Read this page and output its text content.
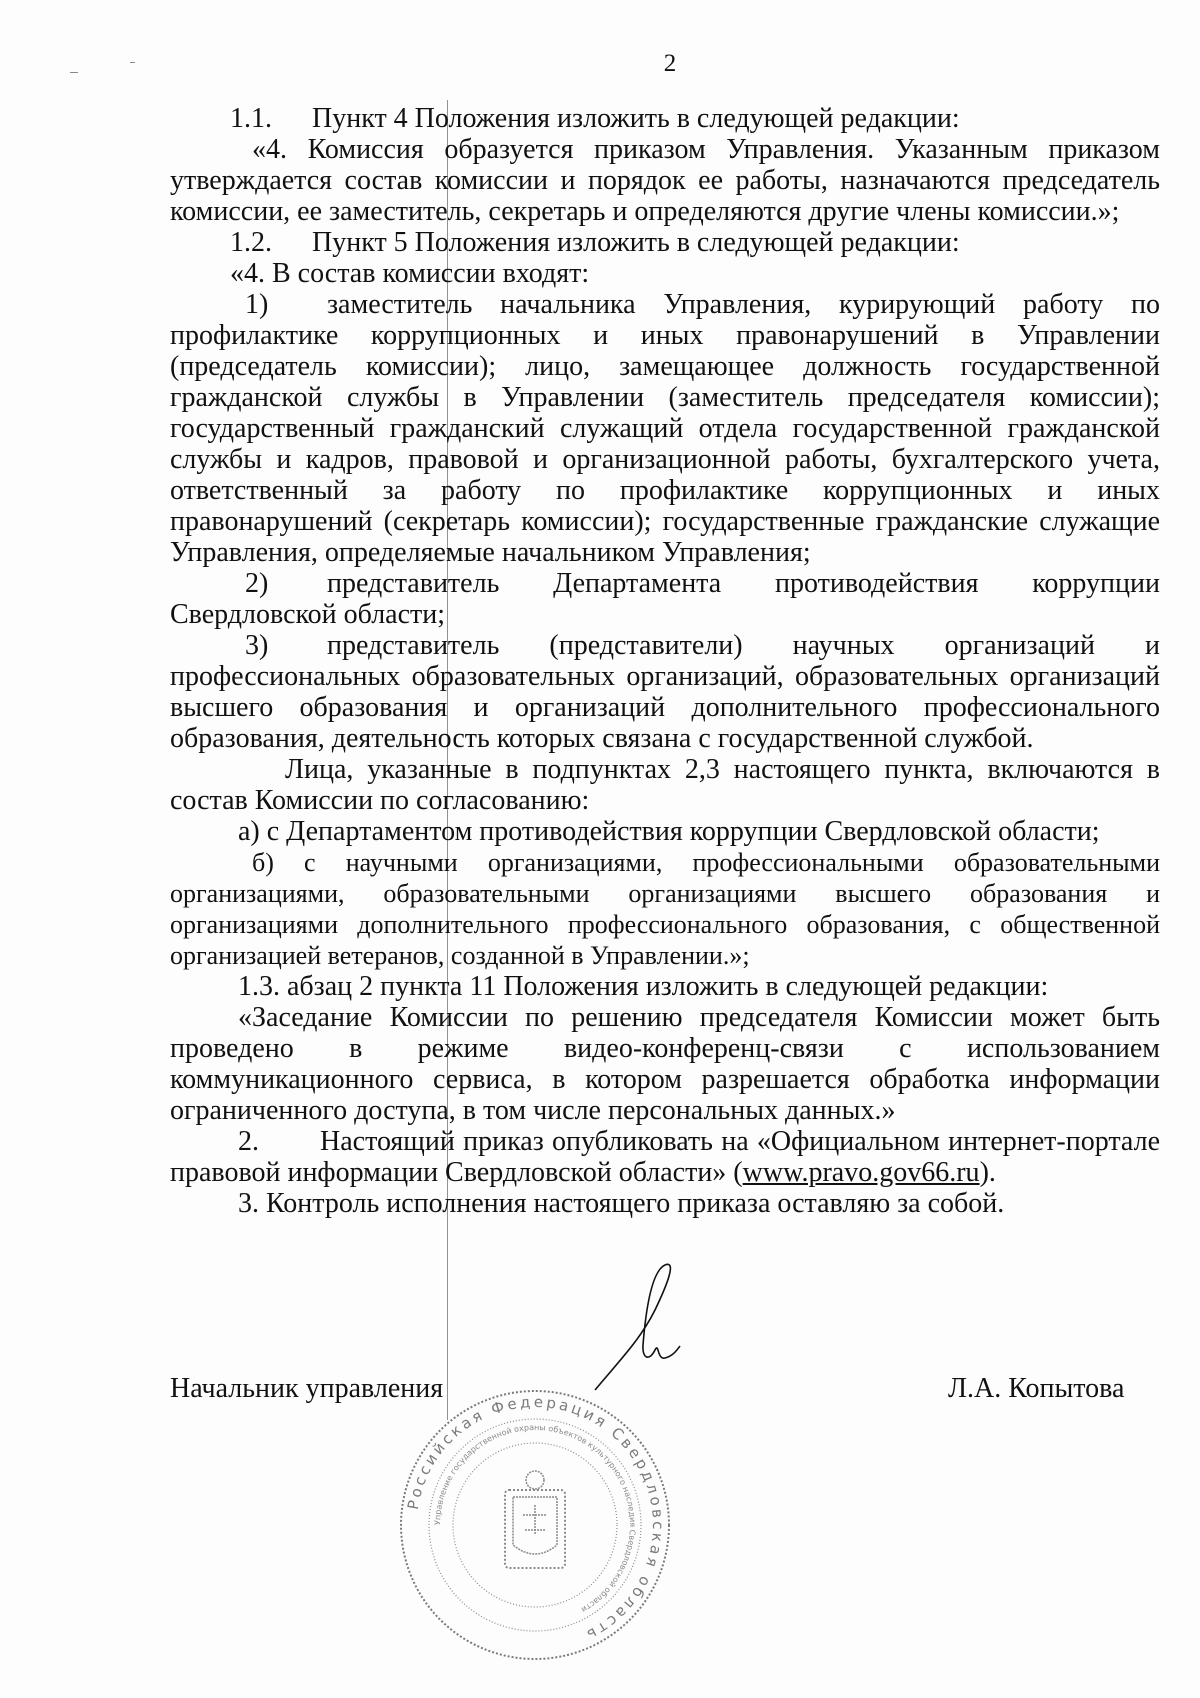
2

1.1. Пункт 4 Положения изложить в следующей редакции:

«4. Комиссия образуется приказом Управления. Указанным приказом утверждается состав комиссии и порядок ее работы, назначаются председатель комиссии, ее заместитель, секретарь и определяются другие члены комиссии.»;

1.2. Пункт 5 Положения изложить в следующей редакции:

«4. В состав комиссии входят:

1) заместитель начальника Управления, курирующий работу по профилактике коррупционных и иных правонарушений в Управлении (председатель комиссии); лицо, замещающее должность государственной гражданской службы в Управлении (заместитель председателя комиссии); государственный гражданский служащий отдела государственной гражданской службы и кадров, правовой и организационной работы, бухгалтерского учета, ответственный за работу по профилактике коррупционных и иных правонарушений (секретарь комиссии); государственные гражданские служащие Управления, определяемые начальником Управления;

2) представитель Департамента противодействия коррупции Свердловской области;

3) представитель (представители) научных организаций и профессиональных образовательных организаций, образовательных организаций высшего образования и организаций дополнительного профессионального образования, деятельность которых связана с государственной службой.

Лица, указанные в подпунктах 2,3 настоящего пункта, включаются в состав Комиссии по согласованию:

а) с Департаментом противодействия коррупции Свердловской области;

б) с научными организациями, профессиональными образовательными организациями, образовательными организациями высшего образования и организациями дополнительного профессионального образования, с общественной организацией ветеранов, созданной в Управлении.»;

1.3. абзац 2 пункта 11 Положения изложить в следующей редакции:

«Заседание Комиссии по решению председателя Комиссии может быть проведено в режиме видео-конференц-связи с использованием коммуникационного сервиса, в котором разрешается обработка информации ограниченного доступа, в том числе персональных данных.»

2. Настоящий приказ опубликовать на «Официальном интернет-портале правовой информации Свердловской области» (www.pravo.gov66.ru).

3. Контроль исполнения настоящего приказа оставляю за собой.

Начальник управления	Л.А. Копытова
Российская Федерация Свердловская область
Управление государственной охраны объектов культурного наследия Свердловской области
